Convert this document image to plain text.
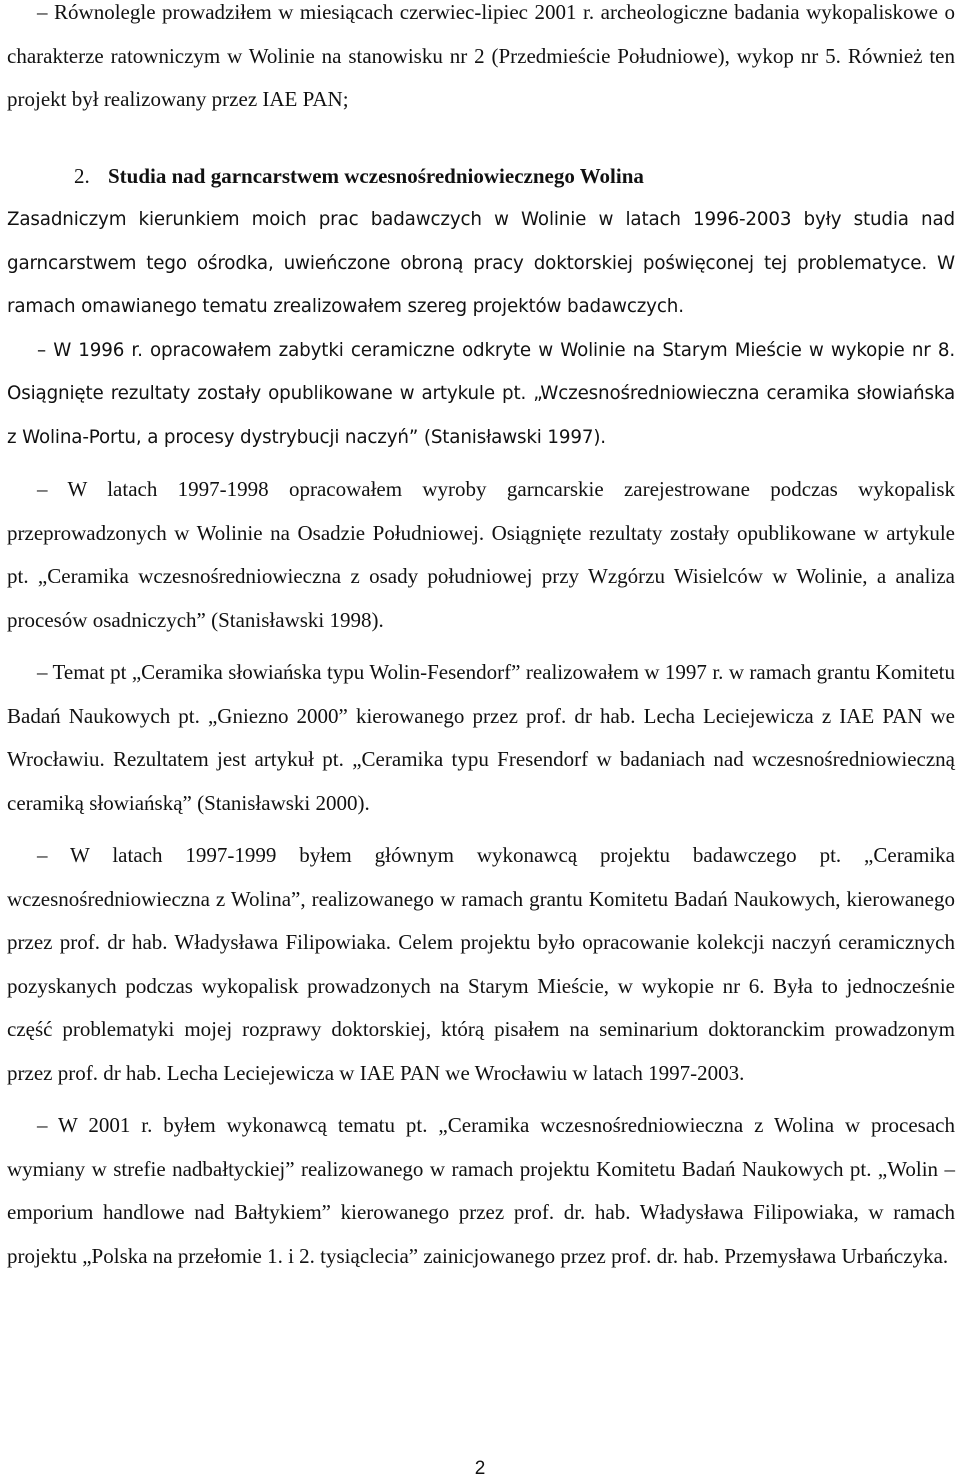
– Równolegle prowadziłem w miesiącach czerwiec-lipiec 2001 r. archeologiczne badania wykopaliskowe o charakterze ratowniczym w Wolinie na stanowisku nr 2 (Przedmieście Południowe), wykop nr 5. Również ten projekt był realizowany przez IAE PAN;

2. Studia nad garncarstwem wczesnośredniowiecznego Wolina

Zasadniczym kierunkiem moich prac badawczych w Wolinie w latach 1996-2003 były studia nad garncarstwem tego ośrodka, uwieńczone obroną pracy doktorskiej poświęconej tej problematyce. W ramach omawianego tematu zrealizowałem szereg projektów badawczych.

– W 1996 r. opracowałem zabytki ceramiczne odkryte w Wolinie na Starym Mieście w wykopie nr 8. Osiągnięte rezultaty zostały opublikowane w artykule pt. „Wczesnośredniowieczna ceramika słowiańska z Wolina-Portu, a procesy dystrybucji naczyń” (Stanisławski 1997).

– W latach 1997-1998 opracowałem wyroby garncarskie zarejestrowane podczas wykopalisk przeprowadzonych w Wolinie na Osadzie Południowej. Osiągnięte rezultaty zostały opublikowane w artykule pt. „Ceramika wczesnośredniowieczna z osady południowej przy Wzgórzu Wisielców w Wolinie, a analiza procesów osadniczych” (Stanisławski 1998).

– Temat pt „Ceramika słowiańska typu Wolin-Fesendorf” realizowałem w 1997 r. w ramach grantu Komitetu Badań Naukowych pt. „Gniezno 2000” kierowanego przez prof. dr hab. Lecha Leciejewicza z IAE PAN we Wrocławiu. Rezultatem jest artykuł pt. „Ceramika typu Fresendorf w badaniach nad wczesnośredniowieczną ceramiką słowiańską” (Stanisławski 2000).

– W latach 1997-1999 byłem głównym wykonawcą projektu badawczego pt. „Ceramika wczesnośredniowieczna z Wolina”, realizowanego w ramach grantu Komitetu Badań Naukowych, kierowanego przez prof. dr hab. Władysława Filipowiaka. Celem projektu było opracowanie kolekcji naczyń ceramicznych pozyskanych podczas wykopalisk prowadzonych na Starym Mieście, w wykopie nr 6. Była to jednocześnie część problematyki mojej rozprawy doktorskiej, którą pisałem na seminarium doktoranckim prowadzonym przez prof. dr hab. Lecha Leciejewicza w IAE PAN we Wrocławiu w latach 1997-2003.

– W 2001 r. byłem wykonawcą tematu pt. „Ceramika wczesnośredniowieczna z Wolina w procesach wymiany w strefie nadbałtyckiej” realizowanego w ramach projektu Komitetu Badań Naukowych pt. „Wolin – emporium handlowe nad Bałtykiem” kierowanego przez prof. dr. hab. Władysława Filipowiaka, w ramach projektu „Polska na przełomie 1. i 2. tysiąclecia” zainicjowanego przez prof. dr. hab. Przemysława Urbańczyka.

2
